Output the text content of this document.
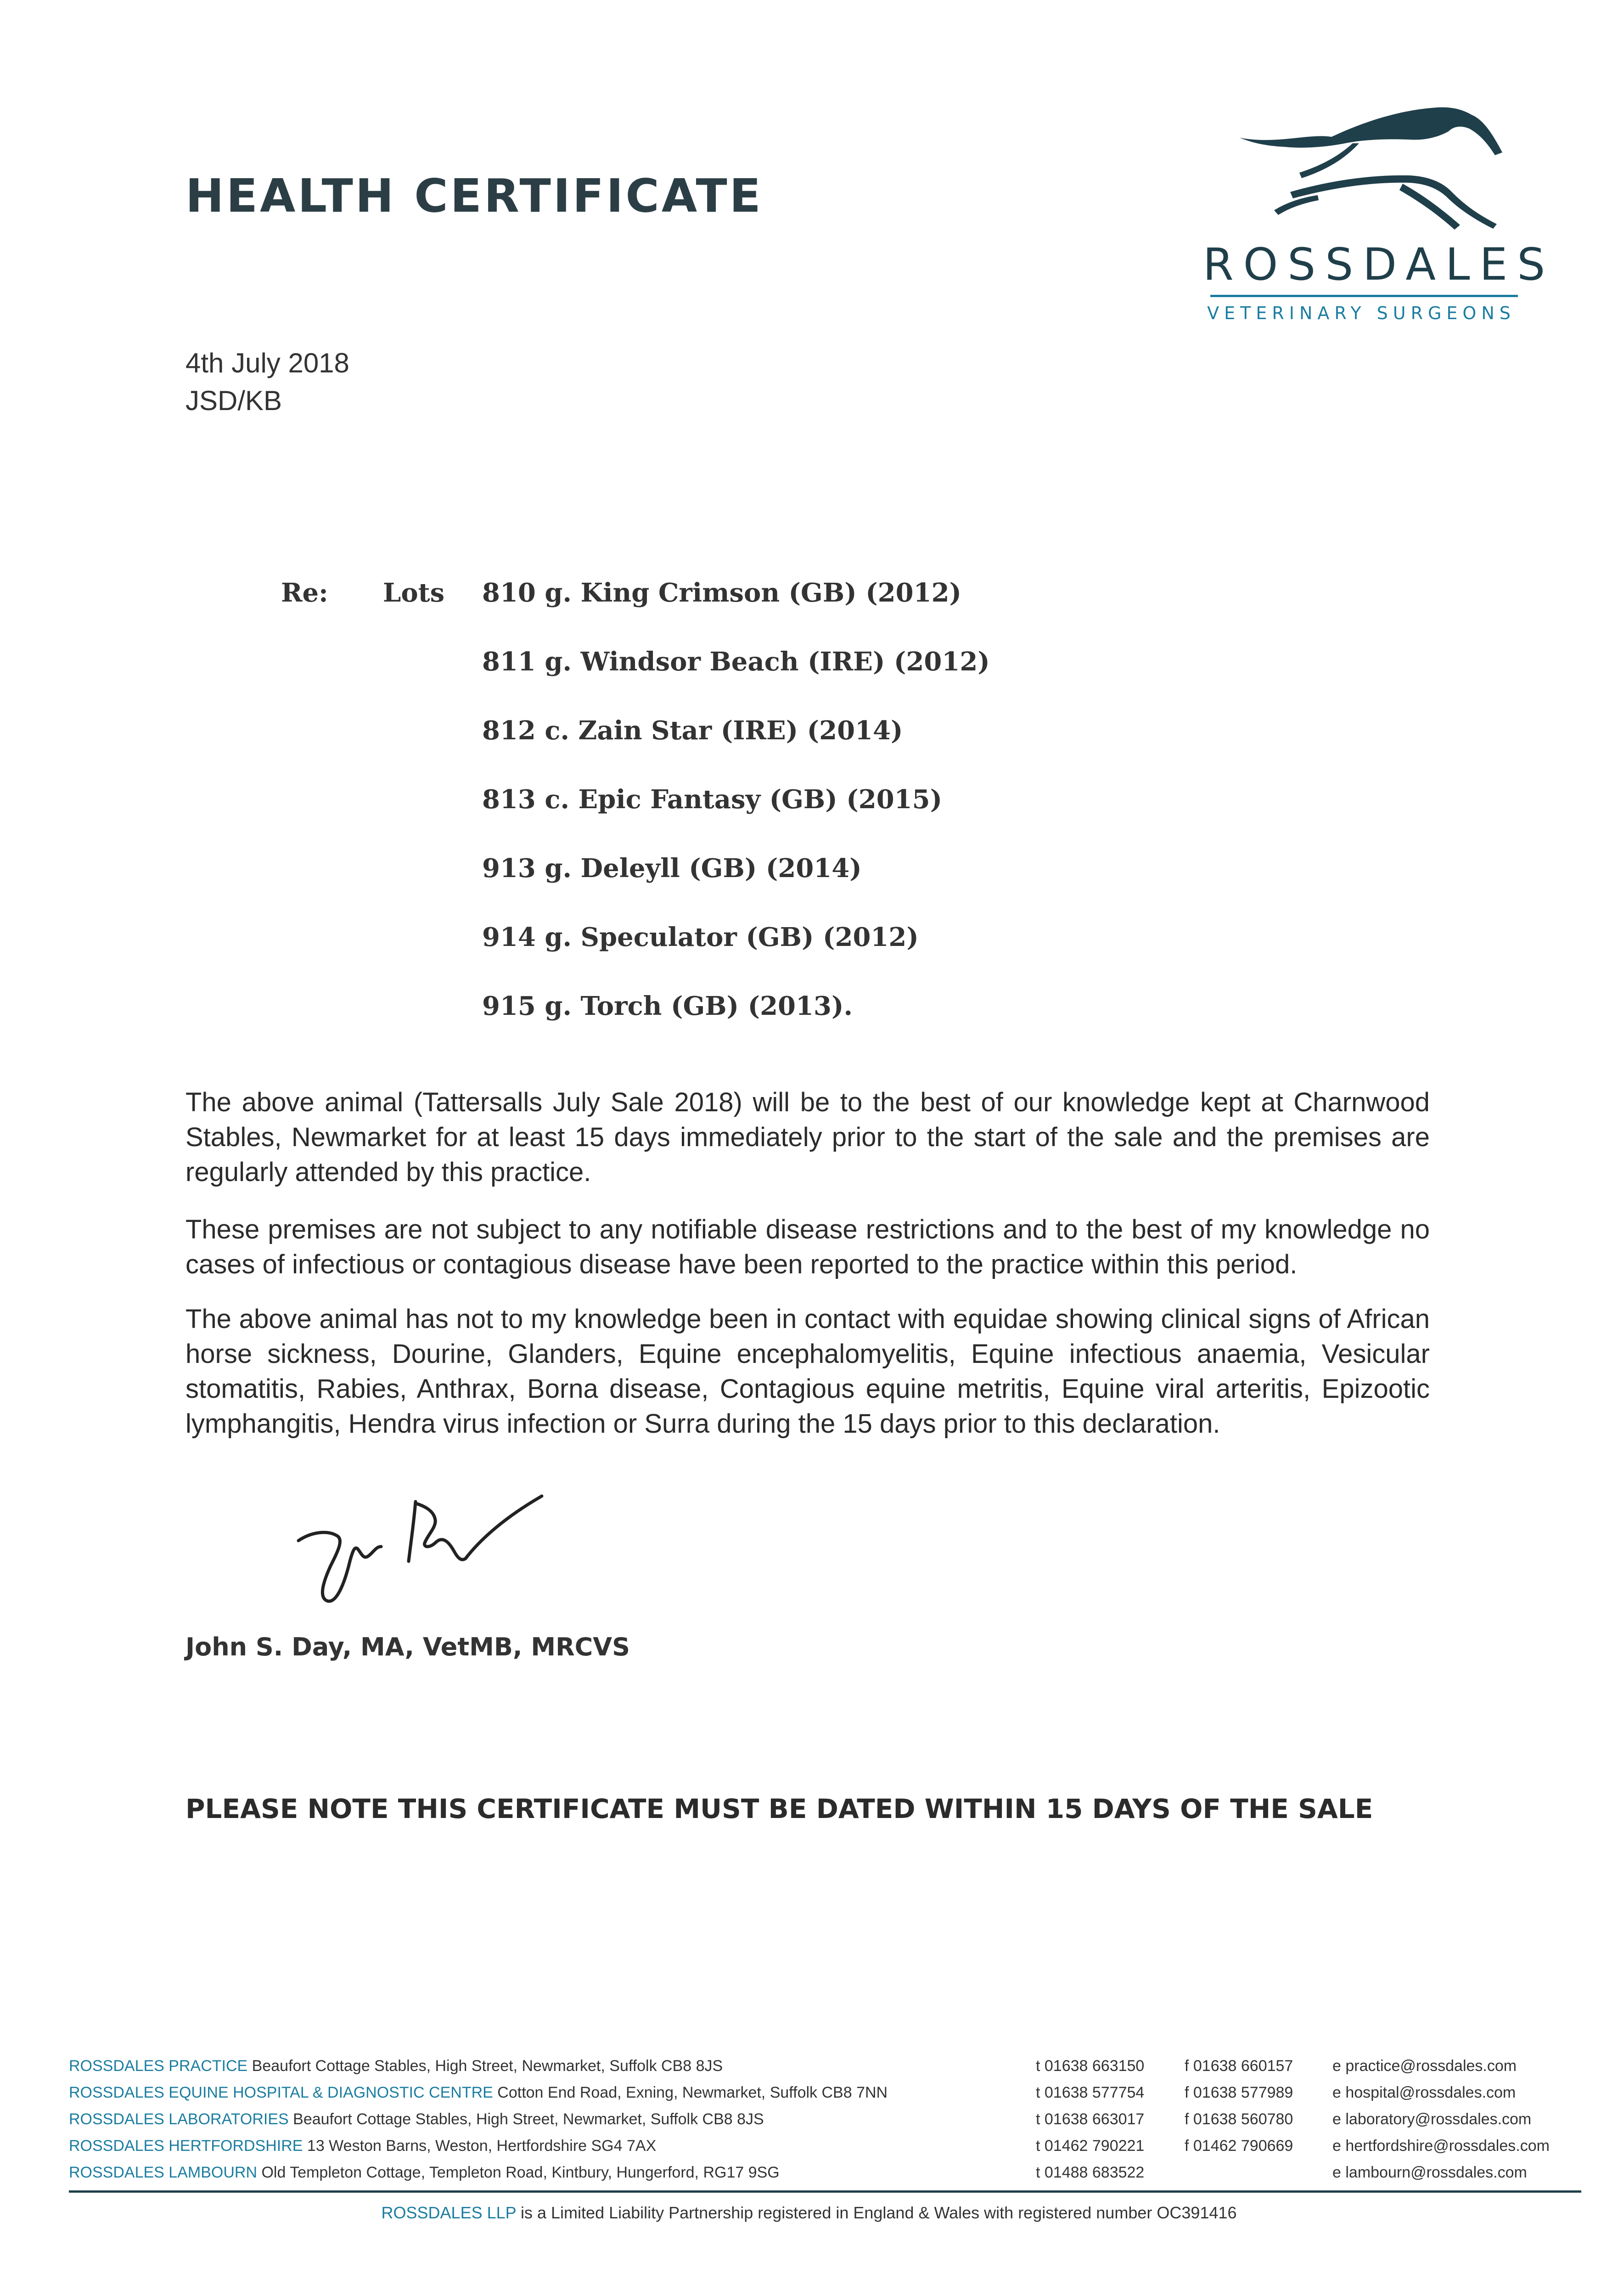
HEALTH CERTIFICATE
ROSSDALES
VETERINARY SURGEONS
4th July 2018
JSD/KB
Re: Lots 810 g. King Crimson (GB) (2012)
811 g. Windsor Beach (IRE) (2012)
812 c. Zain Star (IRE) (2014)
813 c. Epic Fantasy (GB) (2015)
913 g. Deleyll (GB) (2014)
914 g. Speculator (GB) (2012)
915 g. Torch (GB) (2013).

The above animal (Tattersalls July Sale 2018) will be to the best of our knowledge kept at Charnwood Stables, Newmarket for at least 15 days immediately prior to the start of the sale and the premises are regularly attended by this practice.

These premises are not subject to any notifiable disease restrictions and to the best of my knowledge no cases of infectious or contagious disease have been reported to the practice within this period.

The above animal has not to my knowledge been in contact with equidae showing clinical signs of African horse sickness, Dourine, Glanders, Equine encephalomyelitis, Equine infectious anaemia, Vesicular stomatitis, Rabies, Anthrax, Borna disease, Contagious equine metritis, Equine viral arteritis, Epizootic lymphangitis, Hendra virus infection or Surra during the 15 days prior to this declaration.

John S. Day, MA, VetMB, MRCVS
PLEASE NOTE THIS CERTIFICATE MUST BE DATED WITHIN 15 DAYS OF THE SALE
ROSSDALES PRACTICE Beaufort Cottage Stables, High Street, Newmarket, Suffolk CB8 8JS	t 01638 663150	f 01638 660157	e practice@rossdales.com
ROSSDALES EQUINE HOSPITAL & DIAGNOSTIC CENTRE Cotton End Road, Exning, Newmarket, Suffolk CB8 7NN	t 01638 577754	f 01638 577989	e hospital@rossdales.com
ROSSDALES LABORATORIES Beaufort Cottage Stables, High Street, Newmarket, Suffolk CB8 8JS	t 01638 663017	f 01638 560780	e laboratory@rossdales.com
ROSSDALES HERTFORDSHIRE 13 Weston Barns, Weston, Hertfordshire SG4 7AX	t 01462 790221	f 01462 790669	e hertfordshire@rossdales.com
ROSSDALES LAMBOURN Old Templeton Cottage, Templeton Road, Kintbury, Hungerford, RG17 9SG	t 01488 683522	e lambourn@rossdales.com
ROSSDALES LLP is a Limited Liability Partnership registered in England & Wales with registered number OC391416
